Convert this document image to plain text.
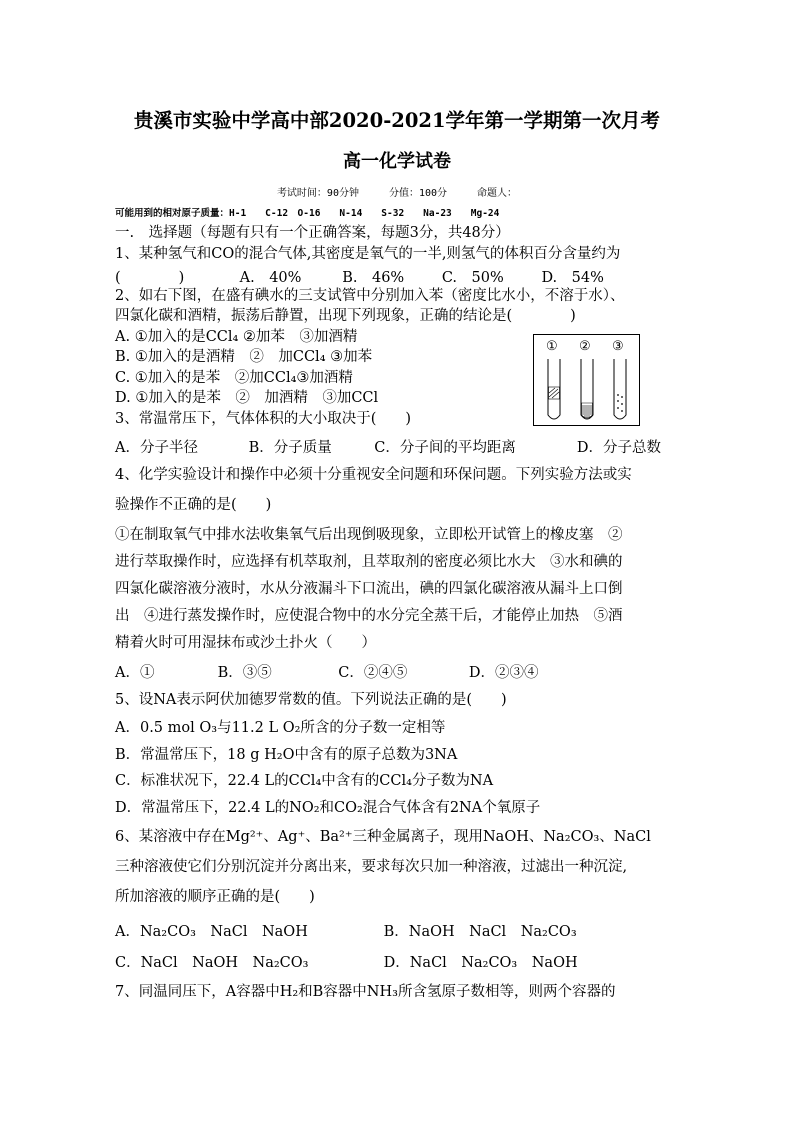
贵溪市实验中学高中部2020-2021学年第一学期第一次月考
高一化学试卷
考试时间：90分钟　　　分值：100分　　　命题人：
可能用到的相对原子质量：H-1　　C-12　O-16　　N-14　　S-32　　Na-23　　Mg-24
一.　选择题（每题有只有一个正确答案，每题3分，共48分）
1、某种氢气和CO的混合气体,其密度是氧气的一半,则氢气的体积百分含量约为
(　　　　)	A.　40%	B.　46%	C.　50%	D.　54%
2、如右下图，在盛有碘水的三支试管中分别加入苯（密度比水小，不溶于水）、
四氯化碳和酒精，振荡后静置，出现下列现象，正确的结论是(　　　　)
A. ①加入的是CCl₄ ②加苯　③加酒精
B. ①加入的是酒精　②　加CCl₄ ③加苯
C. ①加入的是苯　②加CCl₄③加酒精
D. ①加入的是苯　②　加酒精　③加CCl
① ② ③
3、常温常压下，气体体积的大小取决于(　　)
A．分子半径	B．分子质量	C．分子间的平均距离	D．分子总数
4、化学实验设计和操作中必须十分重视安全问题和环保问题。下列实验方法或实
验操作不正确的是(　　)
①在制取氧气中排水法收集氧气后出现倒吸现象，立即松开试管上的橡皮塞　②
进行萃取操作时，应选择有机萃取剂，且萃取剂的密度必须比水大　③水和碘的
四氯化碳溶液分液时，水从分液漏斗下口流出，碘的四氯化碳溶液从漏斗上口倒
出　④进行蒸发操作时，应使混合物中的水分完全蒸干后，才能停止加热　⑤酒
精着火时可用湿抹布或沙土扑火（　　）
A．①	B．③⑤	C．②④⑤	D．②③④
5、设NA表示阿伏加德罗常数的值。下列说法正确的是(　　)
A．0.5 mol O₃与11.2 L O₂所含的分子数一定相等
B．常温常压下，18 g H₂O中含有的原子总数为3NA
C．标准状况下，22.4 L的CCl₄中含有的CCl₄分子数为NA
D．常温常压下，22.4 L的NO₂和CO₂混合气体含有2NA个氧原子
6、某溶液中存在Mg²⁺、Ag⁺、Ba²⁺三种金属离子，现用NaOH、Na₂CO₃、NaCl
三种溶液使它们分别沉淀并分离出来，要求每次只加一种溶液，过滤出一种沉淀,
所加溶液的顺序正确的是(　　)
A．Na₂CO₃　NaCl　NaOH	B．NaOH　NaCl　Na₂CO₃
C．NaCl　NaOH　Na₂CO₃	D．NaCl　Na₂CO₃　NaOH
7、同温同压下，A容器中H₂和B容器中NH₃所含氢原子数相等，则两个容器的
